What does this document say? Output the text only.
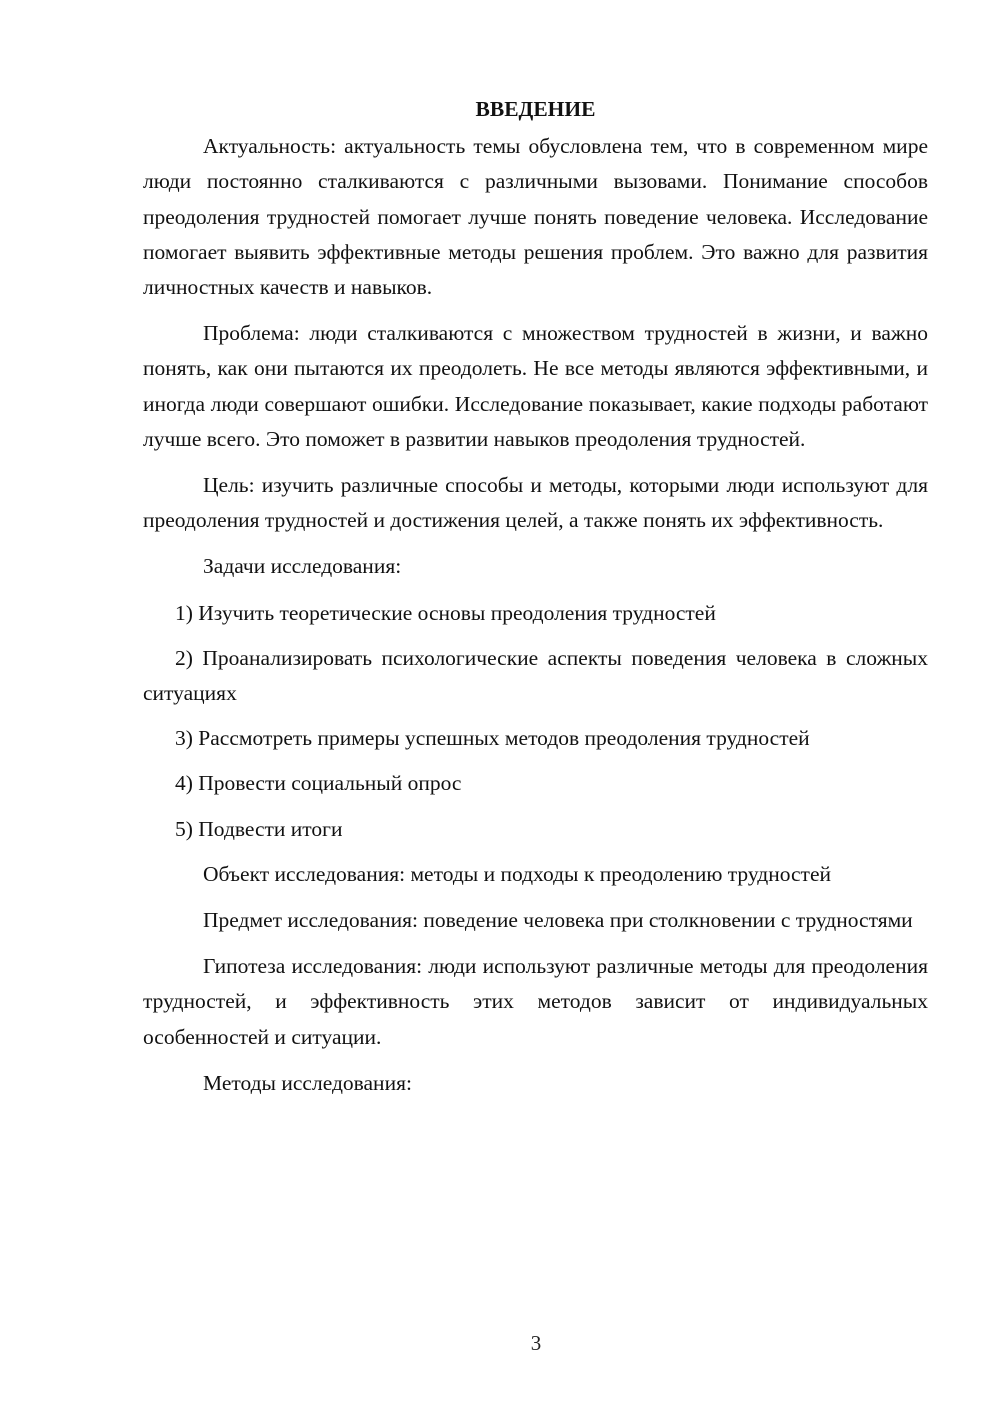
ВВЕДЕНИЕ

Актуальность: актуальность темы обусловлена тем, что в современном мире люди постоянно сталкиваются с различными вызовами. Понимание способов преодоления трудностей помогает лучше понять поведение человека. Исследование помогает выявить эффективные методы решения проблем. Это важно для развития личностных качеств и навыков.

Проблема: люди сталкиваются с множеством трудностей в жизни, и важно понять, как они пытаются их преодолеть. Не все методы являются эффективными, и иногда люди совершают ошибки. Исследование показывает, какие подходы работают лучше всего. Это поможет в развитии навыков преодоления трудностей.

Цель: изучить различные способы и методы, которыми люди используют для преодоления трудностей и достижения целей, а также понять их эффективность.

Задачи исследования:

1) Изучить теоретические основы преодоления трудностей

2) Проанализировать психологические аспекты поведения человека в сложных ситуациях

3) Рассмотреть примеры успешных методов преодоления трудностей

4) Провести социальный опрос

5) Подвести итоги

Объект исследования: методы и подходы к преодолению трудностей

Предмет исследования: поведение человека при столкновении с трудностями

Гипотеза исследования: люди используют различные методы для преодоления трудностей, и эффективность этих методов зависит от индивидуальных особенностей и ситуации.

Методы исследования:

3
